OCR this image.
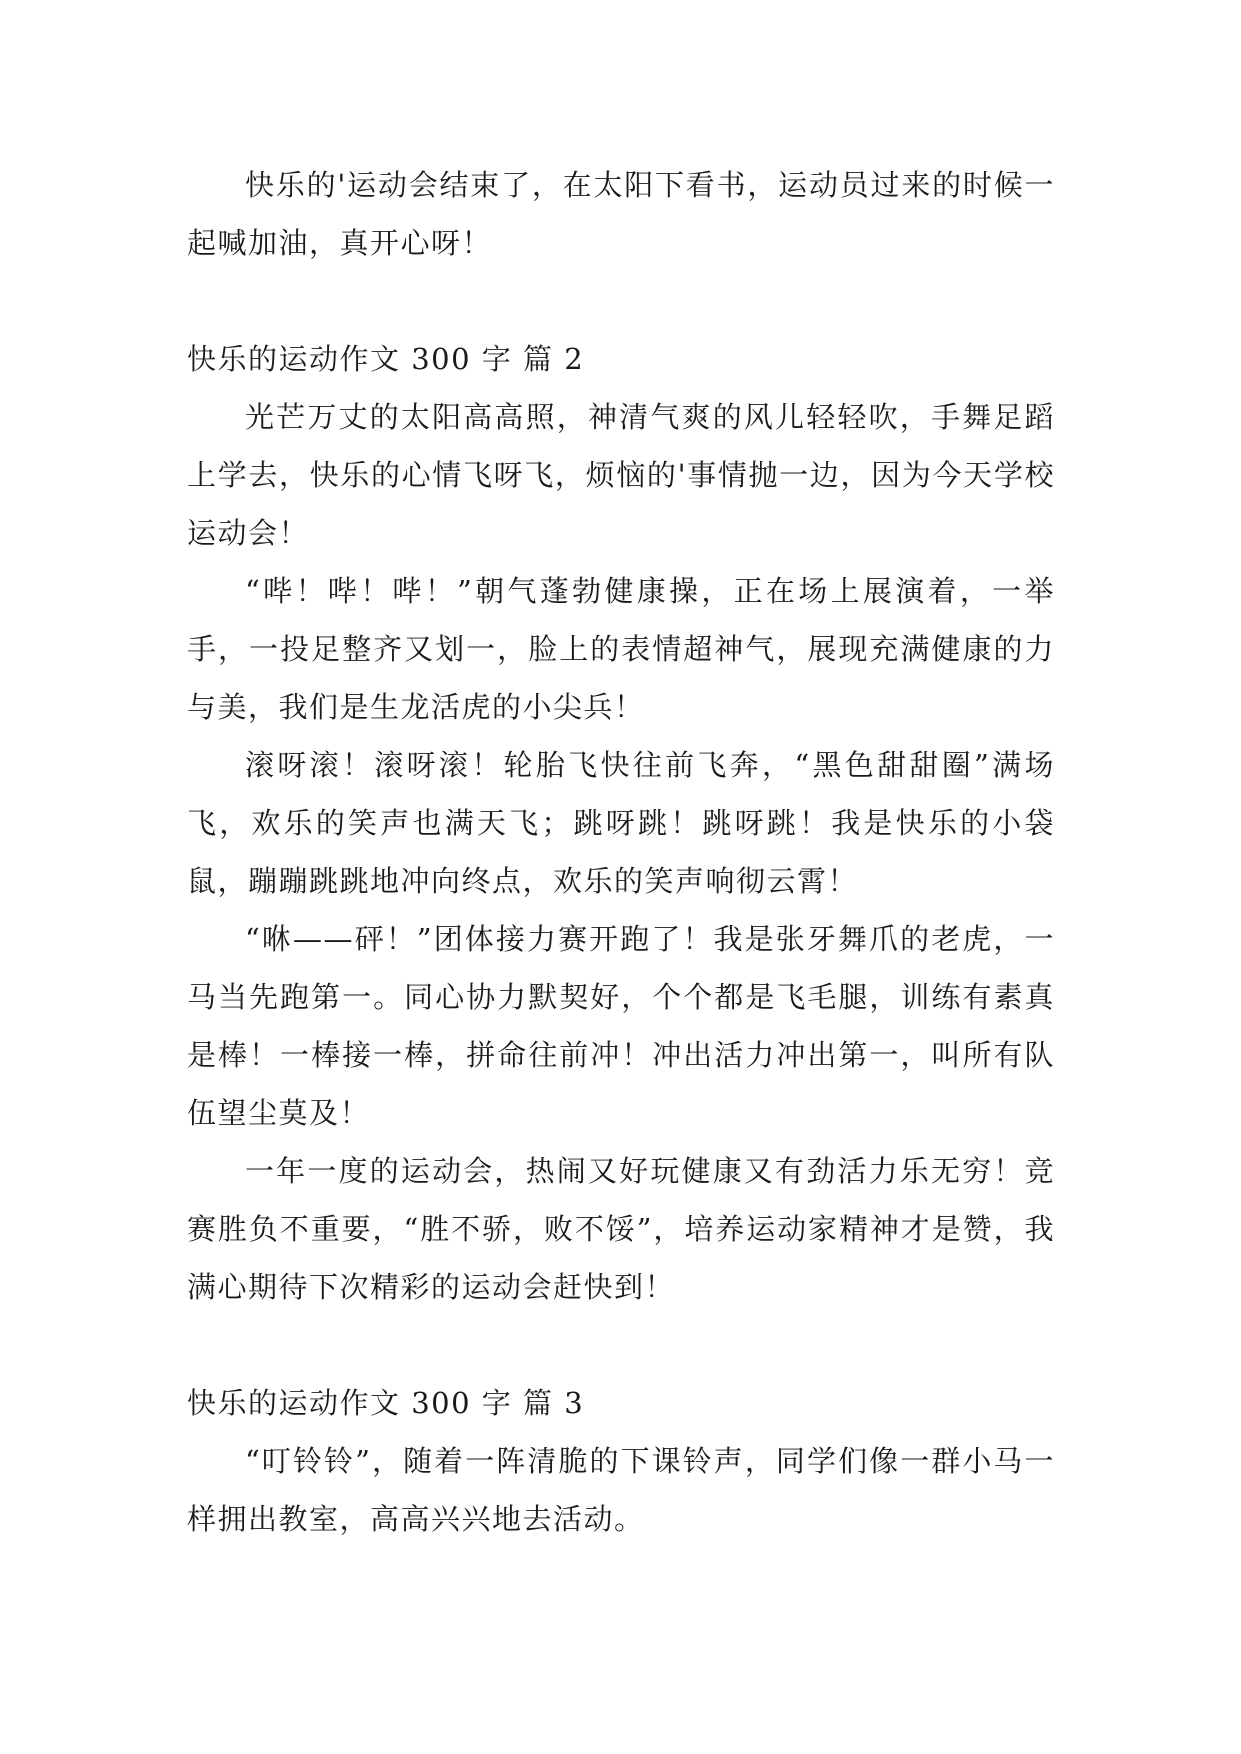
快乐的'运动会结束了，在太阳下看书，运动员过来的时候一起喊加油，真开心呀！

快乐的运动作文 300 字 篇 2

光芒万丈的太阳高高照，神清气爽的风儿轻轻吹，手舞足蹈上学去，快乐的心情飞呀飞，烦恼的'事情抛一边，因为今天学校运动会！

“哔！哔！哔！”朝气蓬勃健康操，正在场上展演着，一举手，一投足整齐又划一，脸上的表情超神气，展现充满健康的力与美，我们是生龙活虎的小尖兵！

滚呀滚！滚呀滚！轮胎飞快往前飞奔，“黑色甜甜圈”满场飞，欢乐的笑声也满天飞；跳呀跳！跳呀跳！我是快乐的小袋鼠，蹦蹦跳跳地冲向终点，欢乐的笑声响彻云霄！

“咻——砰！”团体接力赛开跑了！我是张牙舞爪的老虎，一马当先跑第一。同心协力默契好，个个都是飞毛腿，训练有素真是棒！一棒接一棒，拼命往前冲！冲出活力冲出第一，叫所有队伍望尘莫及！

一年一度的运动会，热闹又好玩健康又有劲活力乐无穷！竞赛胜负不重要，“胜不骄，败不馁”，培养运动家精神才是赞，我满心期待下次精彩的运动会赶快到！

快乐的运动作文 300 字 篇 3

“叮铃铃”，随着一阵清脆的下课铃声，同学们像一群小马一样拥出教室，高高兴兴地去活动。
